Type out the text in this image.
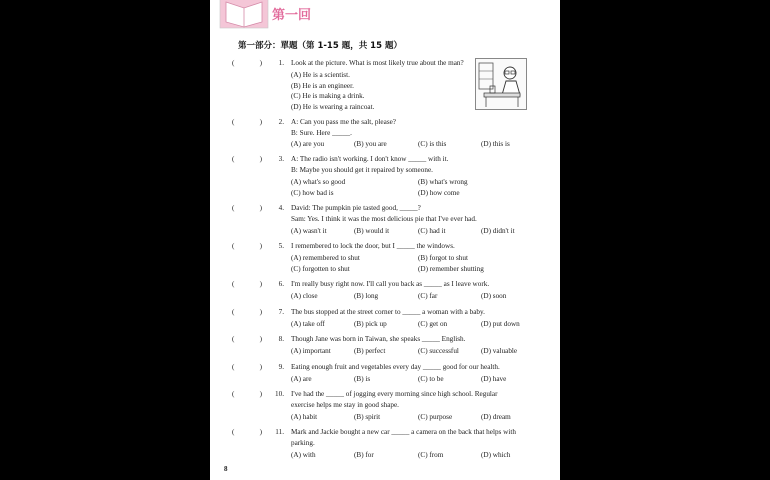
第一回
第一部分：單題（第 1-15 題，共 15 題）
(	)	1. Look at the picture. What is most likely true about the man?
(A) He is a scientist.
(B) He is an engineer.
(C) He is making a drink.
(D) He is wearing a raincoat.
(	)	2. A: Can you pass me the salt, please?
B: Sure. Here _____.
(A) are you	(B) you are	(C) is this	(D) this is
(	)	3. A: The radio isn't working. I don't know _____ with it.
B: Maybe you should get it repaired by someone.
(A) what's so good	(B) what's wrong
(C) how bad is	(D) how come
(	)	4. David: The pumpkin pie tasted good, _____?
Sam: Yes. I think it was the most delicious pie that I've ever had.
(A) wasn't it	(B) would it	(C) had it	(D) didn't it
(	)	5. I remembered to lock the door, but I _____ the windows.
(A) remembered to shut	(B) forgot to shut
(C) forgotten to shut	(D) remember shutting
(	)	6. I'm really busy right now. I'll call you back as _____ as I leave work.
(A) close	(B) long	(C) far	(D) soon
(	)	7. The bus stopped at the street corner to _____ a woman with a baby.
(A) take off	(B) pick up	(C) get on	(D) put down
(	)	8. Though Jane was born in Taiwan, she speaks _____ English.
(A) important	(B) perfect	(C) successful	(D) valuable
(	)	9. Eating enough fruit and vegetables every day _____ good for our health.
(A) are	(B) is	(C) to be	(D) have
(	)	10. I've had the _____ of jogging every morning since high school. Regular
exercise helps me stay in good shape.
(A) habit	(B) spirit	(C) purpose	(D) dream
(	)	11. Mark and Jackie bought a new car _____ a camera on the back that helps with
parking.
(A) with	(B) for	(C) from	(D) which
8
